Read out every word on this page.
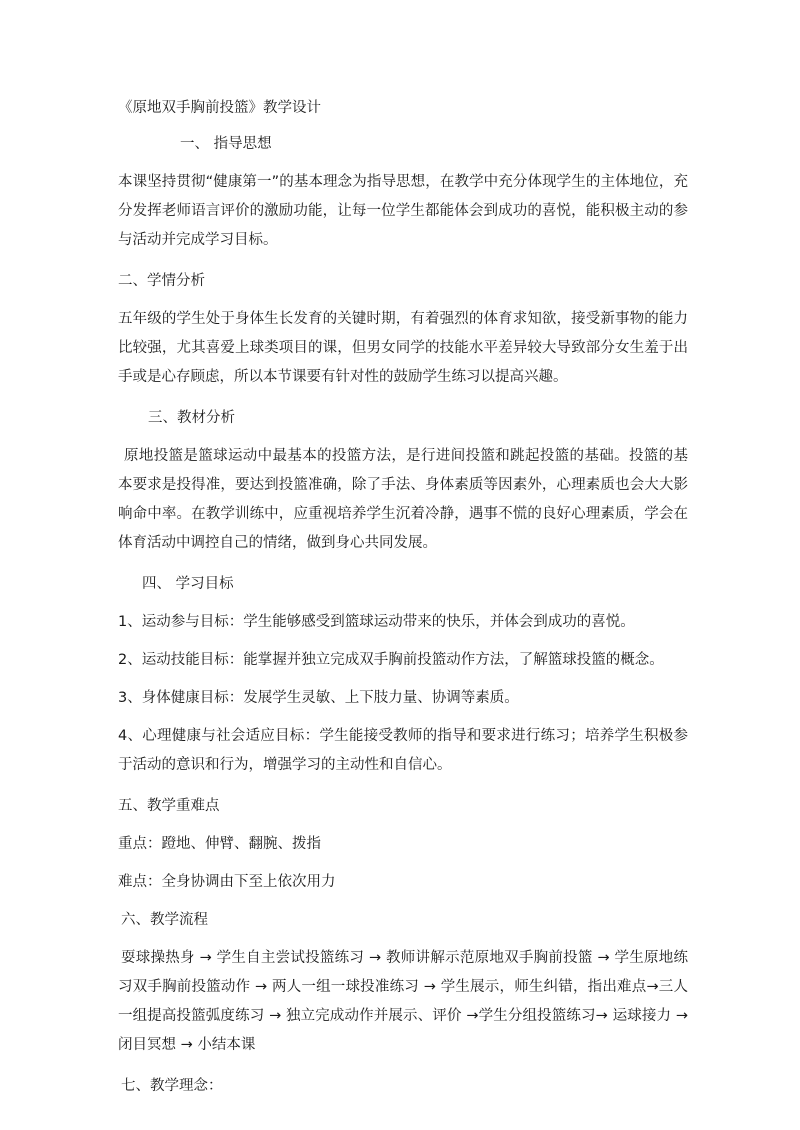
《原地双手胸前投篮》教学设计
一、 指导思想
本课坚持贯彻“健康第一”的基本理念为指导思想，在教学中充分体现学生的主体地位，充分发挥老师语言评价的激励功能，让每一位学生都能体会到成功的喜悦，能积极主动的参与活动并完成学习目标。
二、学情分析
五年级的学生处于身体生长发育的关键时期，有着强烈的体育求知欲，接受新事物的能力比较强，尤其喜爱上球类项目的课，但男女同学的技能水平差异较大导致部分女生羞于出手或是心存顾虑，所以本节课要有针对性的鼓励学生练习以提高兴趣。
三、教材分析
原地投篮是篮球运动中最基本的投篮方法，是行进间投篮和跳起投篮的基础。投篮的基本要求是投得准，要达到投篮准确，除了手法、身体素质等因素外，心理素质也会大大影响命中率。在教学训练中，应重视培养学生沉着冷静，遇事不慌的良好心理素质，学会在体育活动中调控自己的情绪，做到身心共同发展。
四、 学习目标
1、运动参与目标：学生能够感受到篮球运动带来的快乐，并体会到成功的喜悦。
2、运动技能目标：能掌握并独立完成双手胸前投篮动作方法，了解篮球投篮的概念。
3、身体健康目标：发展学生灵敏、上下肢力量、协调等素质。
4、心理健康与社会适应目标：学生能接受教师的指导和要求进行练习；培养学生积极参于活动的意识和行为，增强学习的主动性和自信心。
五、教学重难点
重点：蹬地、伸臂、翻腕、拨指
难点：全身协调由下至上依次用力
六、教学流程
耍球操热身 → 学生自主尝试投篮练习 → 教师讲解示范原地双手胸前投篮 → 学生原地练习双手胸前投篮动作 → 两人一组一球投准练习 → 学生展示，师生纠错，指出难点→三人一组提高投篮弧度练习 → 独立完成动作并展示、评价 →学生分组投篮练习→ 运球接力 → 闭目冥想 → 小结本课
七、教学理念：
